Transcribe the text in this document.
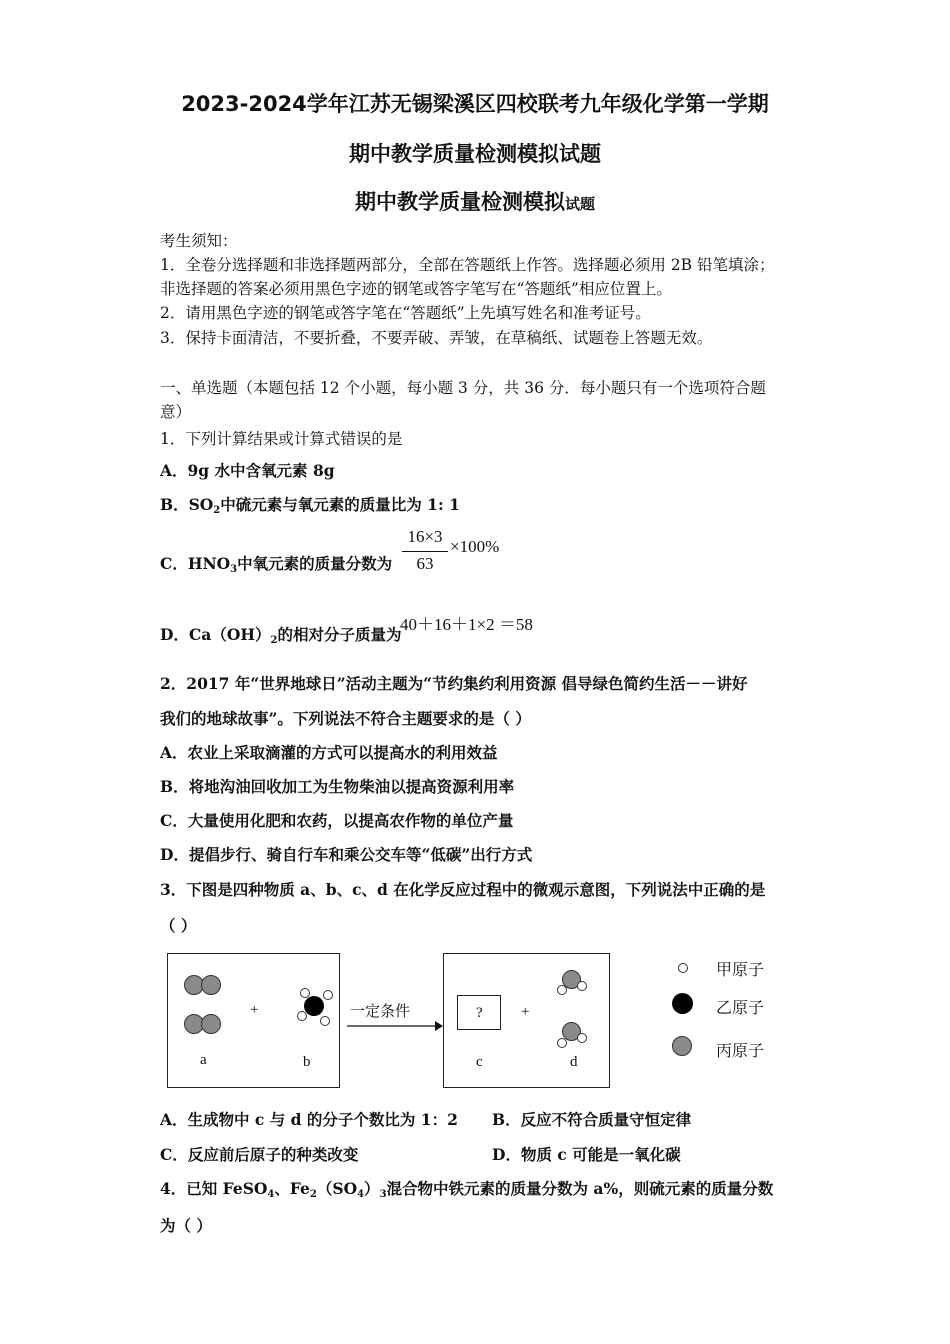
2023-2024学年江苏无锡梁溪区四校联考九年级化学第一学期
期中教学质量检测模拟试题
期中教学质量检测模拟试题
考生须知：
1．全卷分选择题和非选择题两部分，全部在答题纸上作答。选择题必须用 2B 铅笔填涂；
非选择题的答案必须用黑色字迹的钢笔或答字笔写在“答题纸”相应位置上。
2．请用黑色字迹的钢笔或答字笔在“答题纸”上先填写姓名和准考证号。
3．保持卡面清洁，不要折叠，不要弄破、弄皱，在草稿纸、试题卷上答题无效。
一、单选题（本题包括 12 个小题，每小题 3 分，共 36 分．每小题只有一个选项符合题
意）
1．下列计算结果或计算式错误的是
A．9g 水中含氧元素 8g
B．$SO_2$中硫元素与氧元素的质量比为 1: 1
C．$HNO_3$中氧元素的质量分数为
16×3
63
×100%
D．$Ca(OH)_2$的相对分子质量为
40＋16＋1×2 ＝58
2．2017 年“世界地球日”活动主题为“节约集约利用资源 倡导绿色简约生活－－讲好
我们的地球故事”。下列说法不符合主题要求的是（ ）
A．农业上采取滴灌的方式可以提高水的利用效益
B．将地沟油回收加工为生物柴油以提高资源利用率
C．大量使用化肥和农药，以提高农作物的单位产量
D．提倡步行、骑自行车和乘公交车等“低碳”出行方式
3．下图是四种物质 a、b、c、d 在化学反应过程中的微观示意图，下列说法中正确的是
（ ）
+
a	b
一定条件	?	+
c	d
甲原子
乙原子
丙原子
A．生成物中 c 与 d 的分子个数比为 1：2 B．反应不符合质量守恒定律
C．反应前后原子的种类改变	D．物质 c 可能是一氧化碳
4．已知 FeSO$_4$、$Fe_2(SO_4)_3$混合物中铁元素的质量分数为 a%，则硫元素的质量分数
为（ ）
